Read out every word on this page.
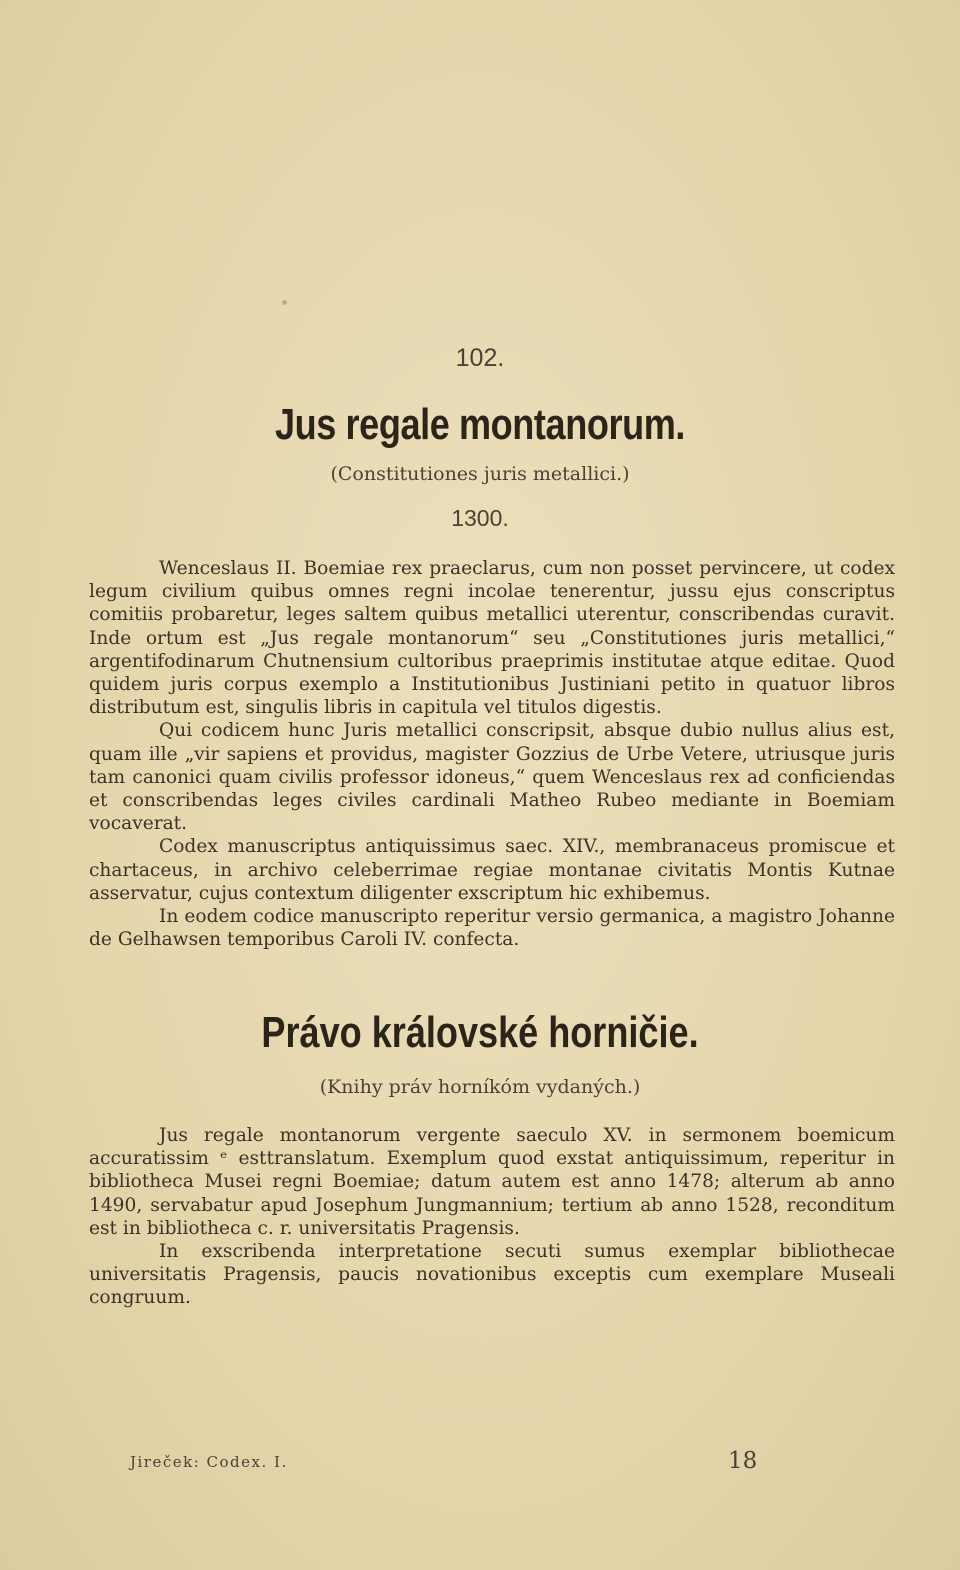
102.
Jus regale montanorum.
(Constitutiones juris metallici.)
1300.

Wenceslaus II. Boemiae rex praeclarus, cum non posset pervincere, ut codex legum civilium quibus omnes regni incolae tenerentur, jussu ejus conscriptus comitiis probaretur, leges saltem quibus metallici uterentur, conscribendas curavit. Inde ortum est „Jus regale montanorum“ seu „Constitutiones juris metallici,“ argentifodinarum Chutnensium cultoribus praeprimis institutae atque editae. Quod quidem juris corpus exemplo a Institutionibus Justiniani petito in quatuor libros distributum est, singulis libris in capitula vel titulos digestis.

Qui codicem hunc Juris metallici conscripsit, absque dubio nullus alius est, quam ille „vir sapiens et providus, magister Gozzius de Urbe Vetere, utriusque juris tam canonici quam civilis professor idoneus,“ quem Wenceslaus rex ad conficiendas et conscribendas leges civiles cardinali Matheo Rubeo mediante in Boemiam vocaverat.

Codex manuscriptus antiquissimus saec. XIV., membranaceus promiscue et chartaceus, in archivo celeberrimae regiae montanae civitatis Montis Kutnae asservatur, cujus contextum diligenter exscriptum hic exhibemus.

In eodem codice manuscripto reperitur versio germanica, a magistro Johanne de Gelhawsen temporibus Caroli IV. confecta.

Právo královské horničie.
(Knihy práv horníkóm vydaných.)

Jus regale montanorum vergente saeculo XV. in sermonem boemicum accuratissim ᵉ esttranslatum. Exemplum quod exstat antiquissimum, reperitur in bibliotheca Musei regni Boemiae; datum autem est anno 1478; alterum ab anno 1490, servabatur apud Josephum Jungmannium; tertium ab anno 1528, reconditum est in bibliotheca c. r. universitatis Pragensis.

In exscribenda interpretatione secuti sumus exemplar bibliothecae universitatis Pragensis, paucis novationibus exceptis cum exemplare Museali congruum.

Jireček: Codex. I.	18
